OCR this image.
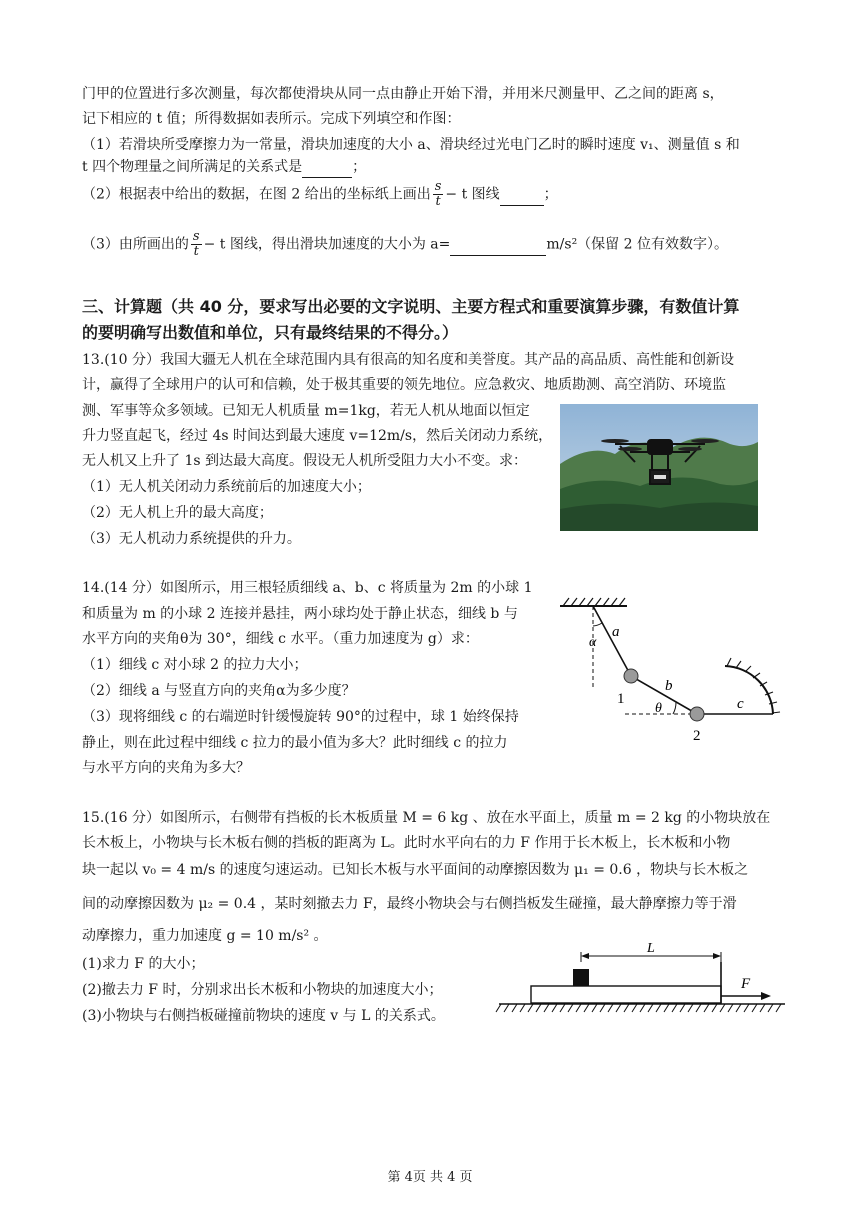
门甲的位置进行多次测量，每次都使滑块从同一点由静止开始下滑，并用米尺测量甲、乙之间的距离 s，

记下相应的 t 值；所得数据如表所示。完成下列填空和作图：

（1）若滑块所受摩擦力为一常量，滑块加速度的大小 a、滑块经过光电门乙时的瞬时速度 v₁、测量值 s 和

t 四个物理量之间所满足的关系式是	；

（2）根据表中给出的数据，在图 2 给出的坐标纸上画出 $\frac{s}{t} - t$ 图线	；

（3）由所画出的 $\frac{s}{t} - t$ 图线，得出滑块加速度的大小为 a=	m/s²（保留 2 位有效数字）。

三、计算题（共 40 分，要求写出必要的文字说明、主要方程式和重要演算步骤，有数值计算
的要明确写出数值和单位，只有最终结果的不得分。）

13.(10 分）我国大疆无人机在全球范围内具有很高的知名度和美誉度。其产品的高品质、高性能和创新设

计，赢得了全球用户的认可和信赖，处于极其重要的领先地位。应急救灾、地质勘测、高空消防、环境监

测、军事等众多领域。已知无人机质量 m=1kg，若无人机从地面以恒定

升力竖直起飞，经过 4s 时间达到最大速度 v=12m/s，然后关闭动力系统，

无人机又上升了 1s 到达最大高度。假设无人机所受阻力大小不变。求：

（1）无人机关闭动力系统前后的加速度大小；

（2）无人机上升的最大高度；

（3）无人机动力系统提供的升力。

14.(14 分）如图所示，用三根轻质细线 a、b、c 将质量为 2m 的小球 1

和质量为 m 的小球 2 连接并悬挂，两小球均处于静止状态，细线 b 与

水平方向的夹角θ为 30°，细线 c 水平。（重力加速度为 g）求：

（1）细线 c 对小球 2 的拉力大小；

（2）细线 a 与竖直方向的夹角α为多少度？

（3）现将细线 c 的右端逆时针缓慢旋转 90°的过程中，球 1 始终保持

静止，则在此过程中细线 c 拉力的最小值为多大？此时细线 c 的拉力

与水平方向的夹角为多大？

a
α
b
θ	c
1
2

15.(16 分）如图所示，右侧带有挡板的长木板质量 M = 6 kg 、放在水平面上，质量 m = 2 kg 的小物块放在

长木板上，小物块与长木板右侧的挡板的距离为 L。此时水平向右的力 F 作用于长木板上，长木板和小物

块一起以 v₀ = 4 m/s 的速度匀速运动。已知长木板与水平面间的动摩擦因数为 μ₁ = 0.6 ，物块与长木板之

间的动摩擦因数为 μ₂ = 0.4 ，某时刻撤去力 F，最终小物块会与右侧挡板发生碰撞，最大静摩擦力等于滑

动摩擦力，重力加速度 g = 10 m/s² 。

(1)求力 F 的大小；

(2)撤去力 F 时，分别求出长木板和小物块的加速度大小；

(3)小物块与右侧挡板碰撞前物块的速度 v 与 L 的关系式。

L
F
第 4页 共 4 页
